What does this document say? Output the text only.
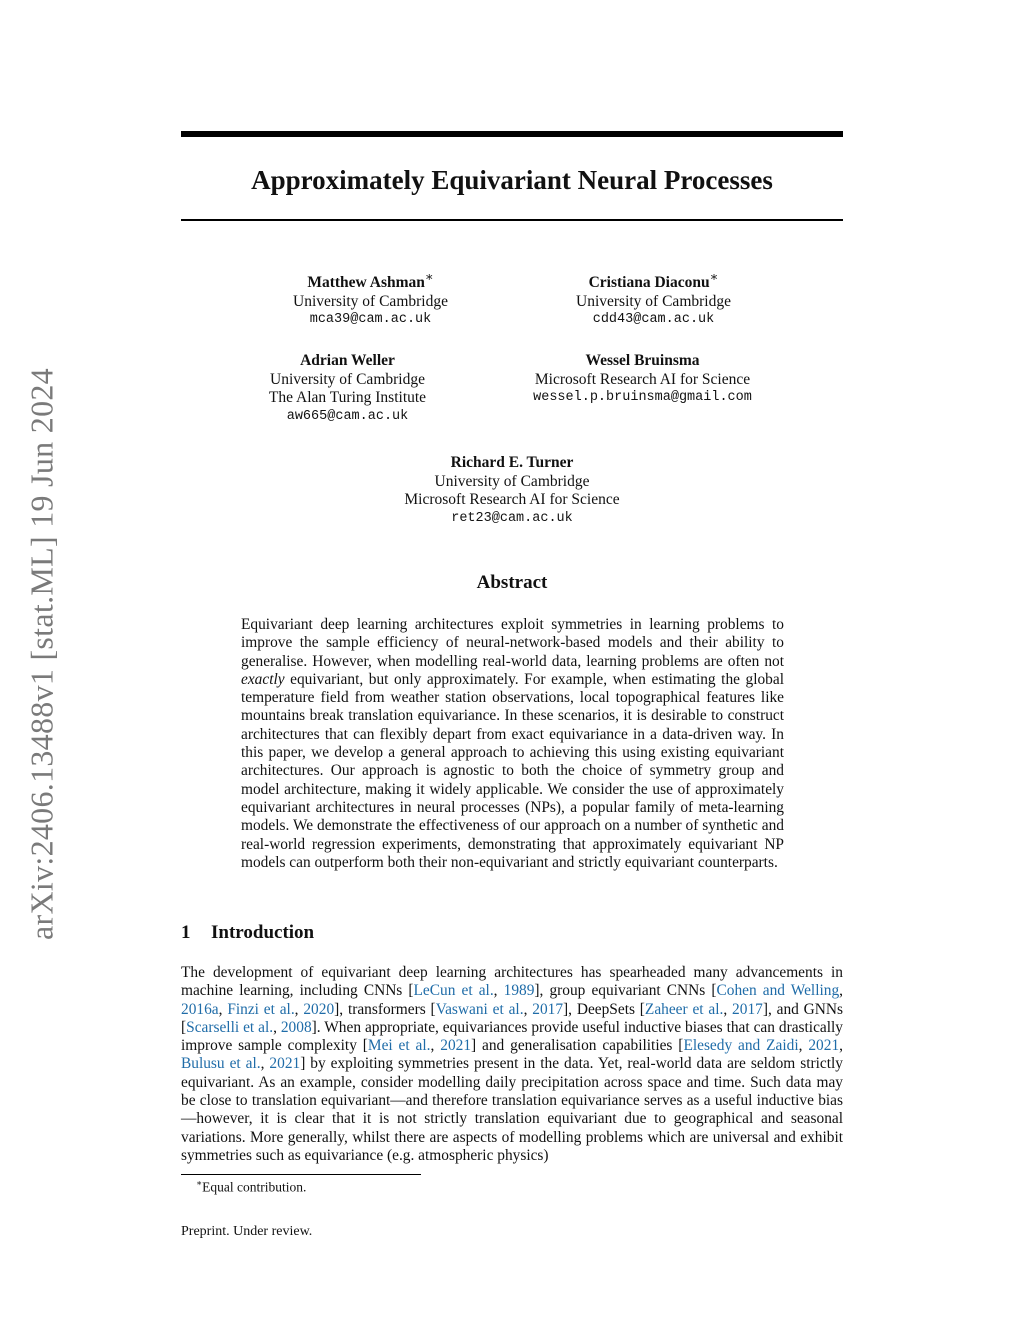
arXiv:2406.13488v1 [stat.ML] 19 Jun 2024
Approximately Equivariant Neural Processes
Matthew Ashman∗
University of Cambridge
mca39@cam.ac.uk
Cristiana Diaconu∗
University of Cambridge
cdd43@cam.ac.uk
Adrian Weller
University of Cambridge
The Alan Turing Institute
aw665@cam.ac.uk
Wessel Bruinsma
Microsoft Research AI for Science
wessel.p.bruinsma@gmail.com
Richard E. Turner
University of Cambridge
Microsoft Research AI for Science
ret23@cam.ac.uk
Abstract

Equivariant deep learning architectures exploit symmetries in learning problems to improve the sample efficiency of neural-network-based models and their ability to generalise. However, when modelling real-world data, learning problems are often not exactly equivariant, but only approximately. For example, when estimating the global temperature field from weather station observations, local topographical features like mountains break translation equivariance. In these scenarios, it is desirable to construct architectures that can flexibly depart from exact equivariance in a data-driven way. In this paper, we develop a general approach to achieving this using existing equivariant architectures. Our approach is agnostic to both the choice of symmetry group and model architecture, making it widely applicable. We consider the use of approximately equivariant architectures in neural processes (NPs), a popular family of meta-learning models. We demonstrate the effectiveness of our approach on a number of synthetic and real-world regression experiments, demonstrating that approximately equivariant NP models can outperform both their non-equivariant and strictly equivariant counterparts.

1 Introduction

The development of equivariant deep learning architectures has spearheaded many advancements in machine learning, including CNNs [LeCun et al., 1989], group equivariant CNNs [Cohen and Welling, 2016a, Finzi et al., 2020], transformers [Vaswani et al., 2017], DeepSets [Zaheer et al., 2017], and GNNs [Scarselli et al., 2008]. When appropriate, equivariances provide useful inductive biases that can drastically improve sample complexity [Mei et al., 2021] and generalisation capabilities [Elesedy and Zaidi, 2021, Bulusu et al., 2021] by exploiting symmetries present in the data. Yet, real-world data are seldom strictly equivariant. As an example, consider modelling daily precipitation across space and time. Such data may be close to translation equivariant—and therefore translation equivariance serves as a useful inductive bias—however, it is clear that it is not strictly translation equivariant due to geographical and seasonal variations. More generally, whilst there are aspects of modelling problems which are universal and exhibit symmetries such as equivariance (e.g. atmospheric physics)

∗Equal contribution.
Preprint. Under review.
